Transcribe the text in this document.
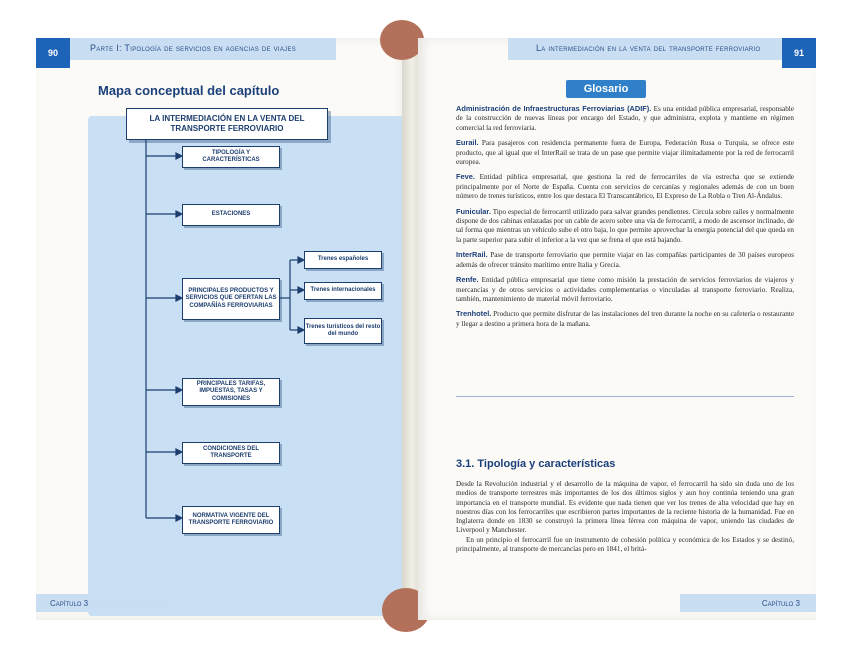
90	Parte I: Tipología de servicios en agencias de viajes
Mapa conceptual del capítulo
LA INTERMEDIACIÓN EN LA VENTA DEL TRANSPORTE FERROVIARIO
TIPOLOGÍA Y CARACTERÍSTICAS
ESTACIONES
PRINCIPALES PRODUCTOS Y SERVICIOS QUE OFERTAN LAS COMPAÑÍAS FERROVIARIAS
PRINCIPALES TARIFAS, IMPUESTAS, TASAS Y COMISIONES
CONDICIONES DEL TRANSPORTE
NORMATIVA VIGENTE DEL TRANSPORTE FERROVIARIO
Trenes españoles
Trenes internacionales
Trenes turísticos del resto del mundo
Capítulo 3
91
La intermediación en la venta del transporte ferroviario
Glosario

Administración de Infraestructuras Ferroviarias (ADIF). Es una entidad pública empresarial, responsable de la construcción de nuevas líneas por encargo del Estado, y que administra, explota y mantiene en régimen comercial la red ferroviaria.

Eurail. Para pasajeros con residencia permanente fuera de Europa, Federación Rusa o Turquía, se ofrece este producto, que al igual que el InterRail se trata de un pase que permite viajar ilimitadamente por la red de ferrocarril europea.

Feve. Entidad pública empresarial, que gestiona la red de ferrocarriles de vía estrecha que se extiende principalmente por el Norte de España. Cuenta con servicios de cercanías y regionales además de con un buen número de trenes turísticos, entre los que destaca El Transcantábrico, El Expreso de La Robla o Tren Al-Ándalus.

Funicular. Tipo especial de ferrocarril utilizado para salvar grandes pendientes. Circula sobre raíles y normalmente dispone de dos cabinas enlazadas por un cable de acero sobre una vía de ferrocarril, a modo de ascensor inclinado, de tal forma que mientras un vehículo sube el otro baja, lo que permite aprovechar la energía potencial del que queda en la parte superior para subir el inferior a la vez que se frena el que está bajando.

InterRail. Pase de transporte ferroviario que permite viajar en las compañías participantes de 30 países europeos además de ofrecer tránsito marítimo entre Italia y Grecia.

Renfe. Entidad pública empresarial que tiene como misión la prestación de servicios ferroviarios de viajeros y mercancías y de otros servicios o actividades complementarias o vinculadas al transporte ferroviario. Realiza, también, mantenimiento de material móvil ferroviario.

Trenhotel. Producto que permite disfrutar de las instalaciones del tren durante la noche en su cafetería o restaurante y llegar a destino a primera hora de la mañana.

3.1. Tipología y características

Desde la Revolución industrial y el desarrollo de la máquina de vapor, el ferrocarril ha sido sin duda uno de los medios de transporte terrestres más importantes de los dos últimos siglos y aun hoy continúa teniendo una gran importancia en el transporte mundial. Es evidente que nada tienen que ver los trenes de alta velocidad que hay en nuestros días con los ferrocarriles que escribieron partes importantes de la reciente historia de la humanidad. Fue en Inglaterra donde en 1830 se construyó la primera línea férrea con máquina de vapor, uniendo las ciudades de Liverpool y Manchester.

En un principio el ferrocarril fue un instrumento de cohesión política y económica de los Estados y se destinó, principalmente, al transporte de mercancías pero en 1841, el britá-

Capítulo 3
